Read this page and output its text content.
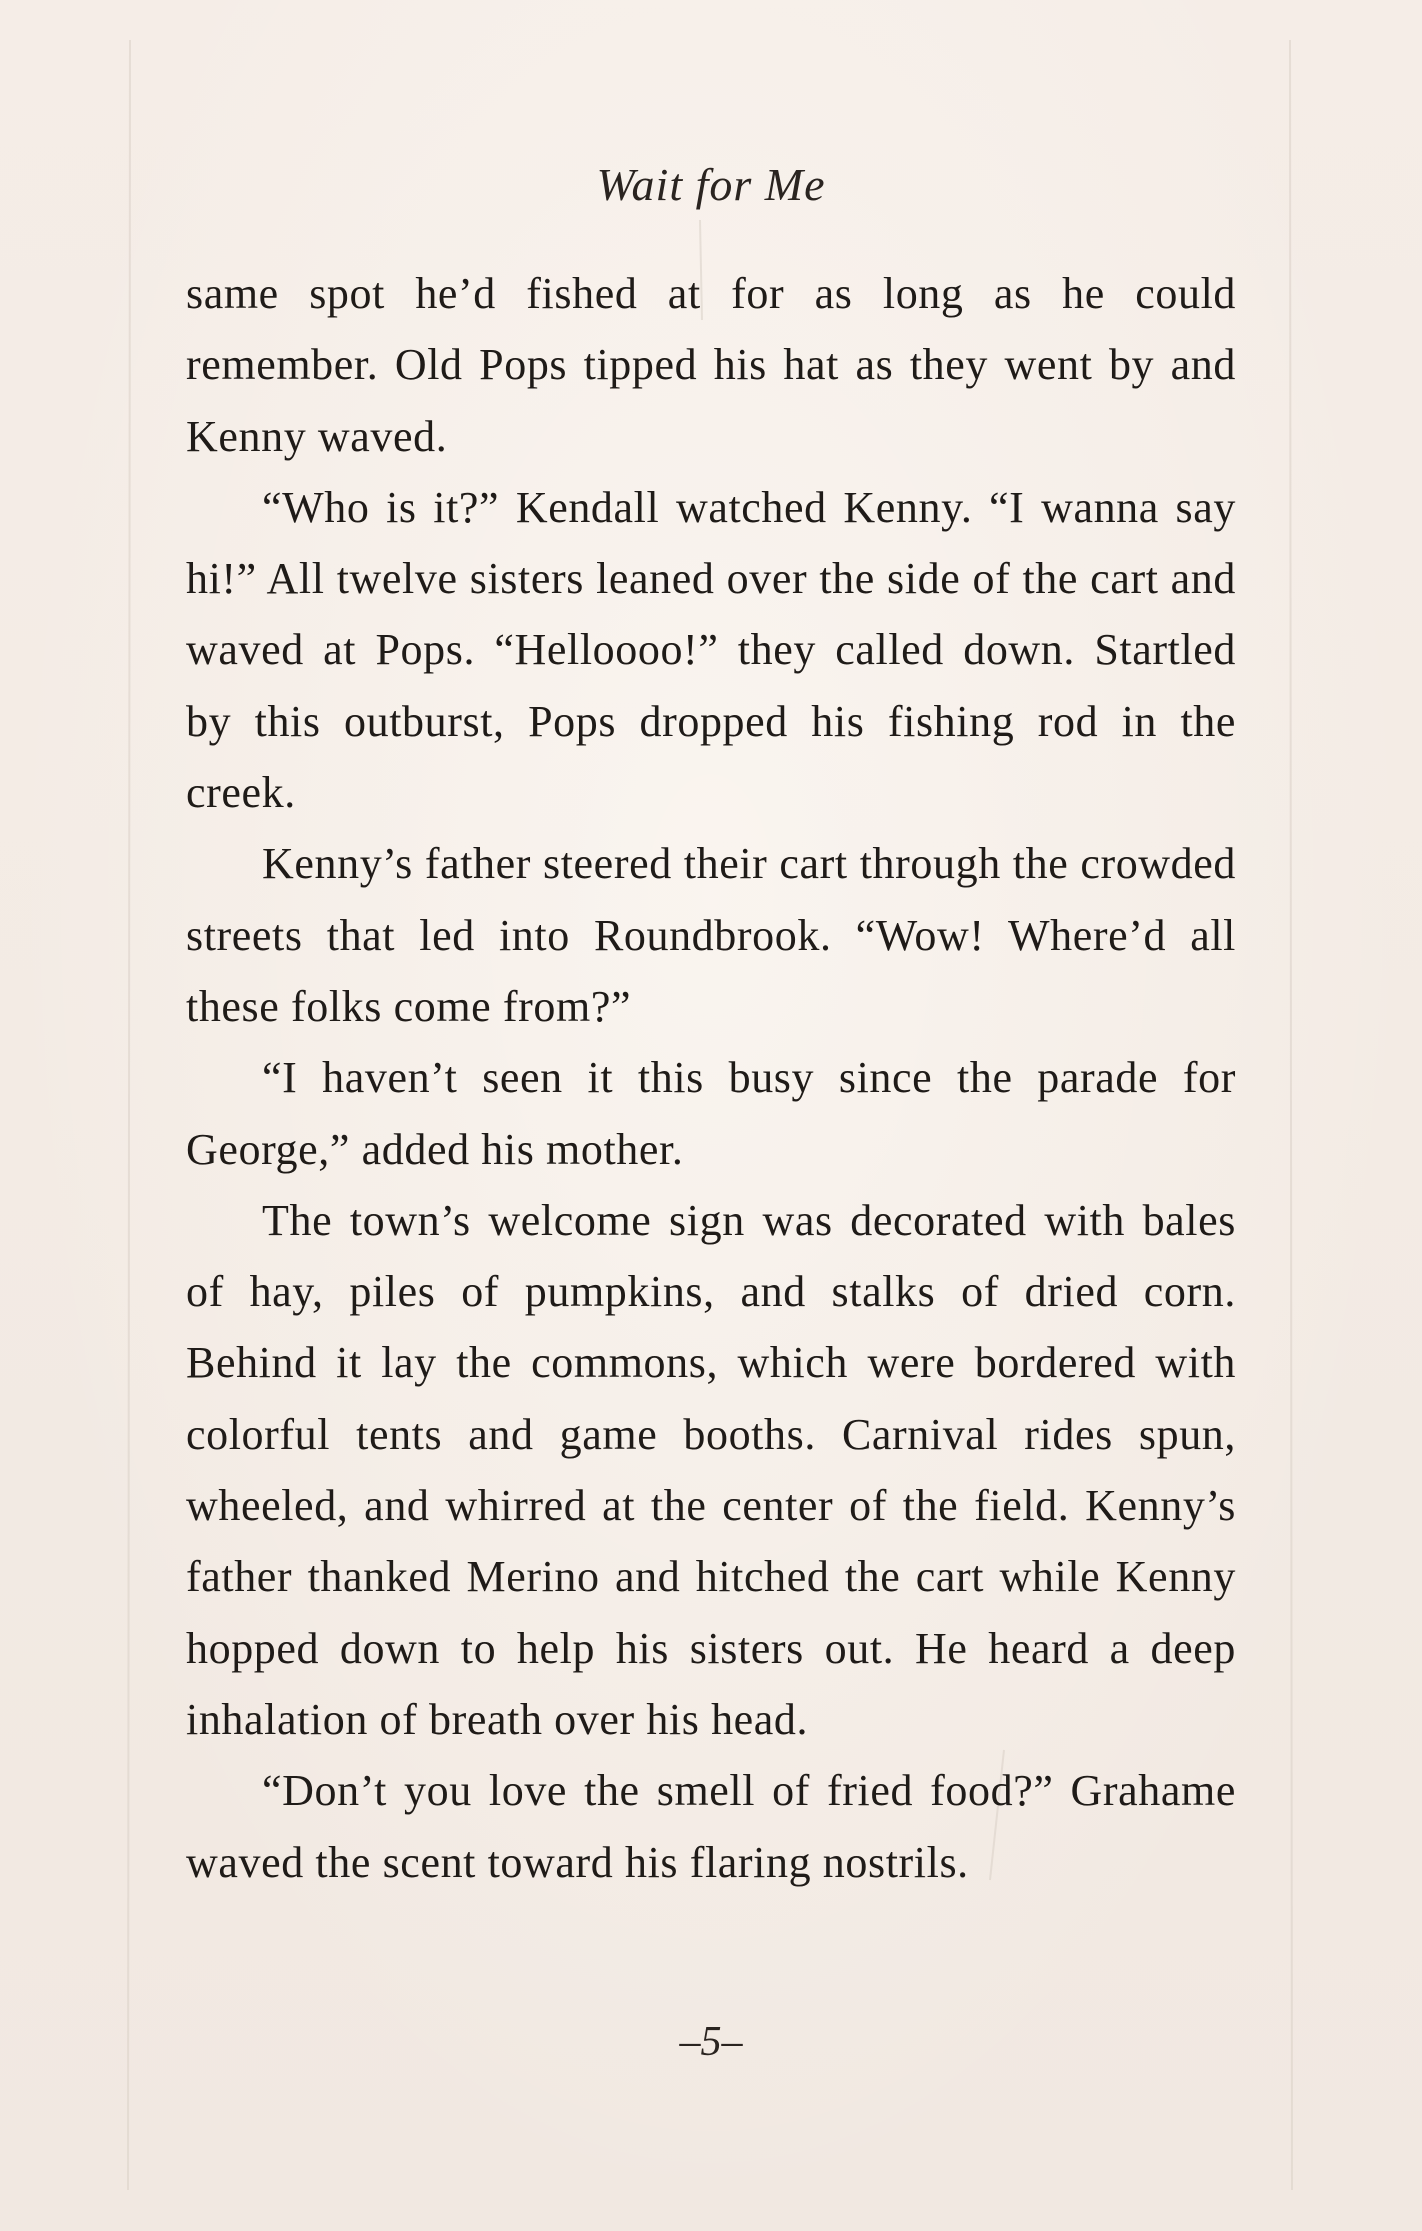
Wait for Me

same spot he’d fished at for as long as he could remember. Old Pops tipped his hat as they went by and Kenny waved.

“Who is it?” Kendall watched Kenny. “I wanna say hi!” All twelve sisters leaned over the side of the cart and waved at Pops. “Helloooo!” they called down. Startled by this outburst, Pops dropped his fishing rod in the creek.

Kenny’s father steered their cart through the crowded streets that led into Roundbrook. “Wow! Where’d all these folks come from?”

“I haven’t seen it this busy since the parade for George,” added his mother.

The town’s welcome sign was decorated with bales of hay, piles of pumpkins, and stalks of dried corn. Behind it lay the commons, which were bordered with colorful tents and game booths. Carnival rides spun, wheeled, and whirred at the center of the field. Kenny’s father thanked Merino and hitched the cart while Kenny hopped down to help his sisters out. He heard a deep inhalation of breath over his head.

“Don’t you love the smell of fried food?” Grahame waved the scent toward his flaring nostrils.

–5–
